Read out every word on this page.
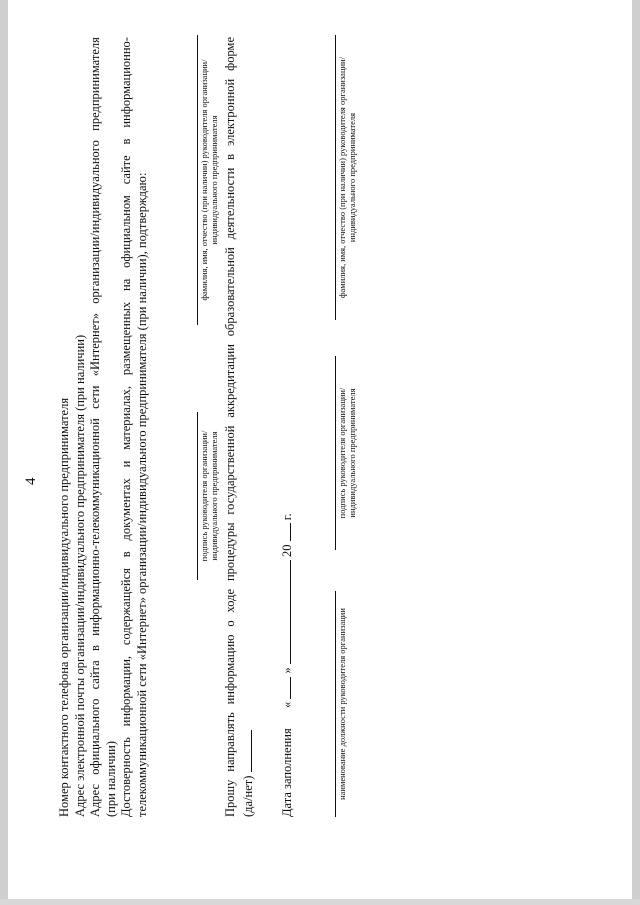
4 Номер контактного телефона организации/индивидуального предпринимателя Адрес электронной почты организации/индивидуального предпринимателя (при наличии) Адрес
официального
сайта
в
информационно-телекоммуникационной
сети
«Интернет»
организации/индивидуального
предпринимателя
(при наличии) Достоверность
информации,
содержащейся
в
документах
и
материалах,
размещенных
на
официальном
сайте
в
информационно-
телекоммуникационной сети «Интернет» организации/индивидуального предпринимателя (при наличии), подтверждаю:	подпись руководителя организации/ индивидуального предпринимателя
фамилия, имя, отчество (при наличии) руководителя организации/ индивидуального предпринимателя
Прошу
направлять
информацию
о
ходе
процедуры
государственной
аккредитации
образовательной
деятельности
в
электронной
форме
(да/нет) Дата заполнения  «  »  20  г.
наименование должности руководителя организации
подпись руководителя организации/ индивидуального предпринимателя
фамилия, имя, отчество (при наличии) руководителя организации/индивидуального предпринимателя
